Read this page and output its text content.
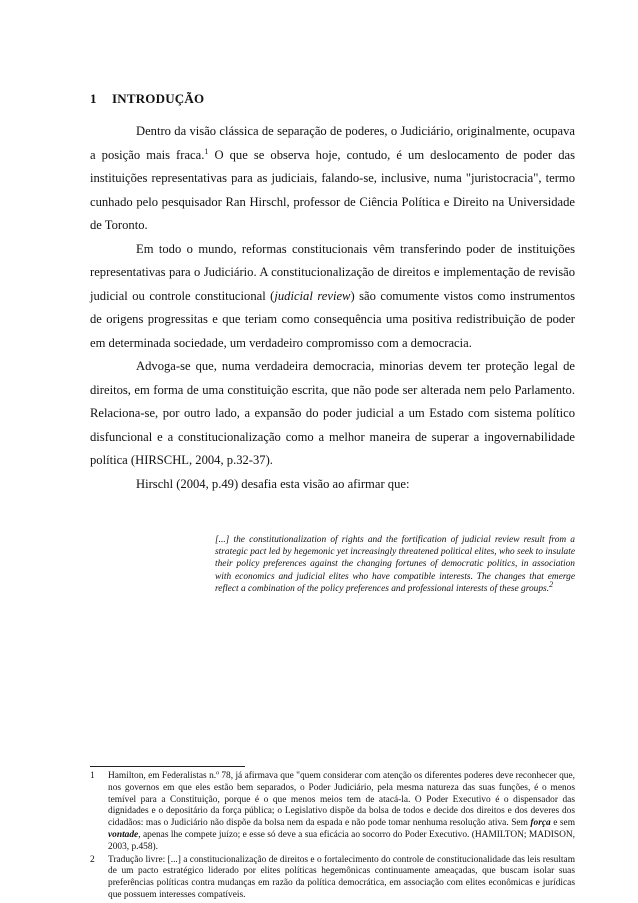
1 INTRODUÇÃO

Dentro da visão clássica de separação de poderes, o Judiciário, originalmente, ocupava a posição mais fraca.$^1$ O que se observa hoje, contudo, é um deslocamento de poder das instituições representativas para as judiciais, falando-se, inclusive, numa "juristocracia", termo cunhado pelo pesquisador Ran Hirschl, professor de Ciência Política e Direito na Universidade de Toronto.

Em todo o mundo, reformas constitucionais vêm transferindo poder de instituições representativas para o Judiciário. A constitucionalização de direitos e implementação de revisão judicial ou controle constitucional (judicial review) são comumente vistos como instrumentos de origens progressitas e que teriam como consequência uma positiva redistribuição de poder em determinada sociedade, um verdadeiro compromisso com a democracia.

Advoga-se que, numa verdadeira democracia, minorias devem ter proteção legal de direitos, em forma de uma constituição escrita, que não pode ser alterada nem pelo Parlamento. Relaciona-se, por outro lado, a expansão do poder judicial a um Estado com sistema político disfuncional e a constitucionalização como a melhor maneira de superar a ingovernabilidade política (HIRSCHL, 2004, p.32-37).

Hirschl (2004, p.49) desafia esta visão ao afirmar que:

[...] the constitutionalization of rights and the fortification of judicial review result from a strategic pact led by hegemonic yet increasingly threatened political elites, who seek to insulate their policy preferences against the changing fortunes of democratic politics, in association with economics and judicial elites who have compatible interests. The changes that emerge reflect a combination of the policy preferences and professional interests of these groups.2
1 Hamilton, em Federalistas n.º 78, já afirmava que "quem considerar com atenção os diferentes poderes deve reconhecer que, nos governos em que eles estão bem separados, o Poder Judiciário, pela mesma natureza das suas funções, é o menos temível para a Constituição, porque é o que menos meios tem de atacá-la. O Poder Executivo é o dispensador das dignidades e o depositário da força pública; o Legislativo dispõe da bolsa de todos e decide dos direitos e dos deveres dos cidadãos: mas o Judiciário não dispõe da bolsa nem da espada e não pode tomar nenhuma resolução ativa. Sem força e sem vontade, apenas lhe compete juízo; e esse só deve a sua eficácia ao socorro do Poder Executivo. (HAMILTON; MADISON, 2003, p.458).
2 Tradução livre: [...] a constitucionalização de direitos e o fortalecimento do controle de constitucionalidade das leis resultam de um pacto estratégico liderado por elites políticas hegemônicas continuamente ameaçadas, que buscam isolar suas preferências políticas contra mudanças em razão da política democrática, em associação com elites econômicas e jurídicas que possuem interesses compatíveis.
